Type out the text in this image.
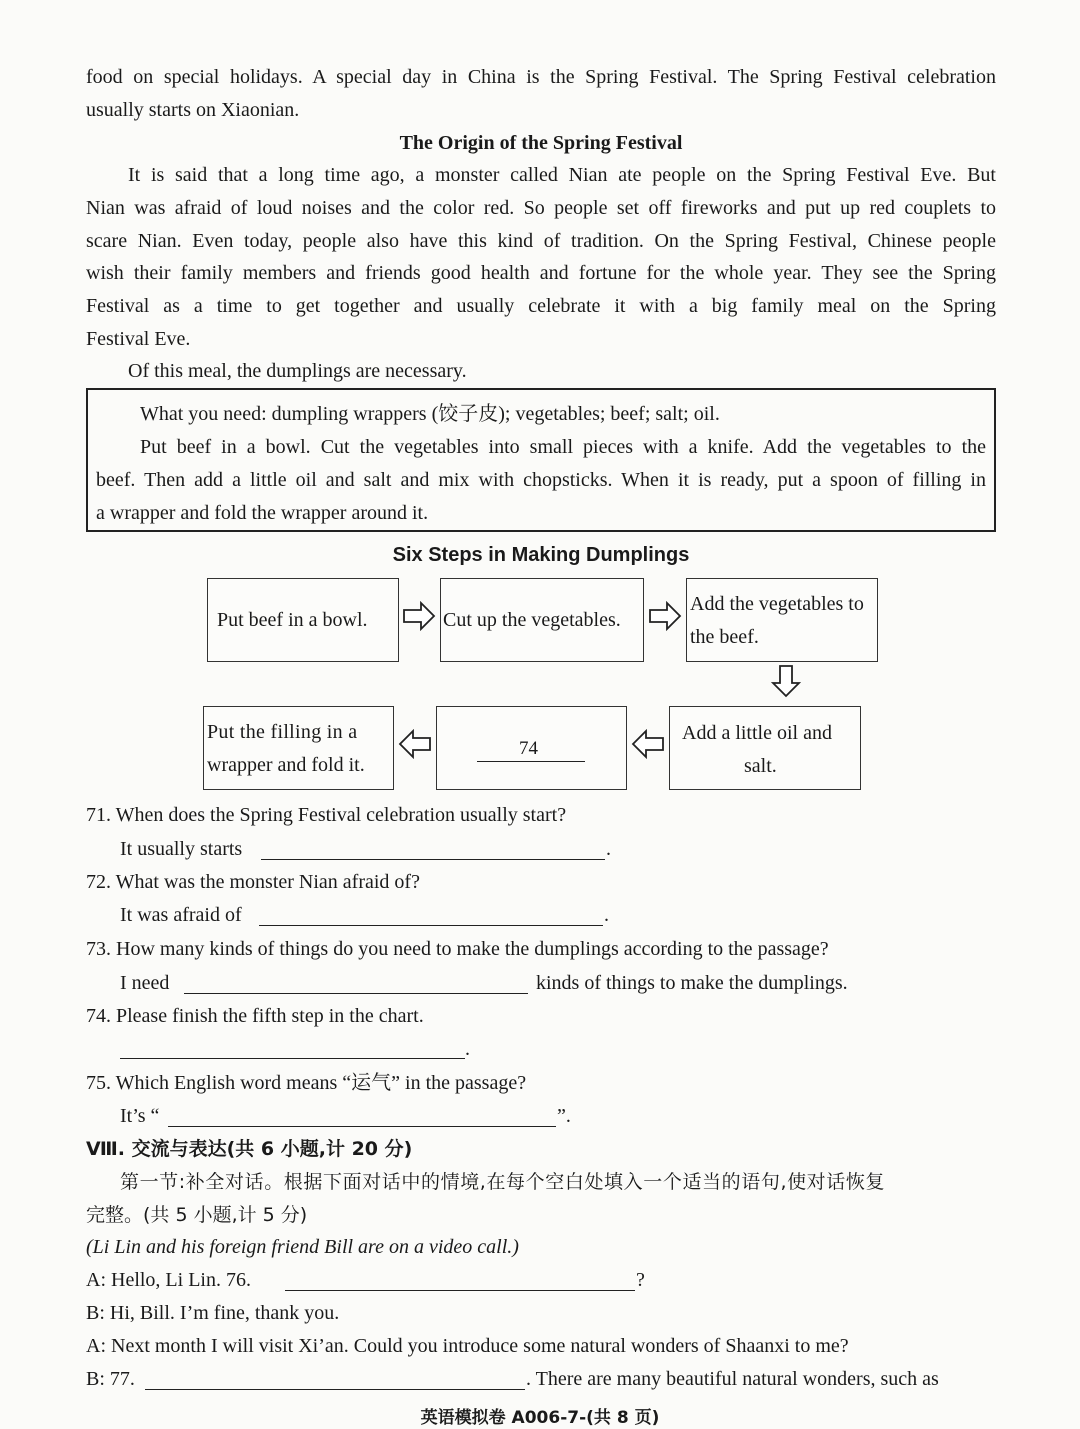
food on special holidays. A special day in China is the Spring Festival. The Spring Festival celebration
usually starts on Xiaonian.
The Origin of the Spring Festival
It is said that a long time ago, a monster called Nian ate people on the Spring Festival Eve. But
Nian was afraid of loud noises and the color red. So people set off fireworks and put up red couplets to
scare Nian. Even today, people also have this kind of tradition. On the Spring Festival, Chinese people
wish their family members and friends good health and fortune for the whole year. They see the Spring
Festival as a time to get together and usually celebrate it with a big family meal on the Spring
Festival Eve.
Of this meal, the dumplings are necessary.
What you need: dumpling wrappers (饺子皮); vegetables; beef; salt; oil.
Put beef in a bowl. Cut the vegetables into small pieces with a knife. Add the vegetables to the
beef. Then add a little oil and salt and mix with chopsticks. When it is ready, put a spoon of filling in
a wrapper and fold the wrapper around it.
Six Steps in Making Dumplings
Put beef in a bowl.	Cut up the vegetables.
Add the vegetables to
the beef.
Add a little oil and
salt.
74
Put the filling in a
wrapper and fold it.
71. When does the Spring Festival celebration usually start?
It usually starts	.
72. What was the monster Nian afraid of?
It was afraid of	.
73. How many kinds of things do you need to make the dumplings according to the passage?
I need	kinds of things to make the dumplings.
74. Please finish the fifth step in the chart.
.
75. Which English word means “运气” in the passage?
It’s “	”.
Ⅷ. 交流与表达(共 6 小题,计 20 分)
第一节:补全对话。根据下面对话中的情境,在每个空白处填入一个适当的语句,使对话恢复
完整。(共 5 小题,计 5 分)
(Li Lin and his foreign friend Bill are on a video call.)
A: Hello, Li Lin. 76.	?
B: Hi, Bill. I’m fine, thank you.
A: Next month I will visit Xi’an. Could you introduce some natural wonders of Shaanxi to me?
B: 77.	. There are many beautiful natural wonders, such as
英语模拟卷 A006-7-(共 8 页)
